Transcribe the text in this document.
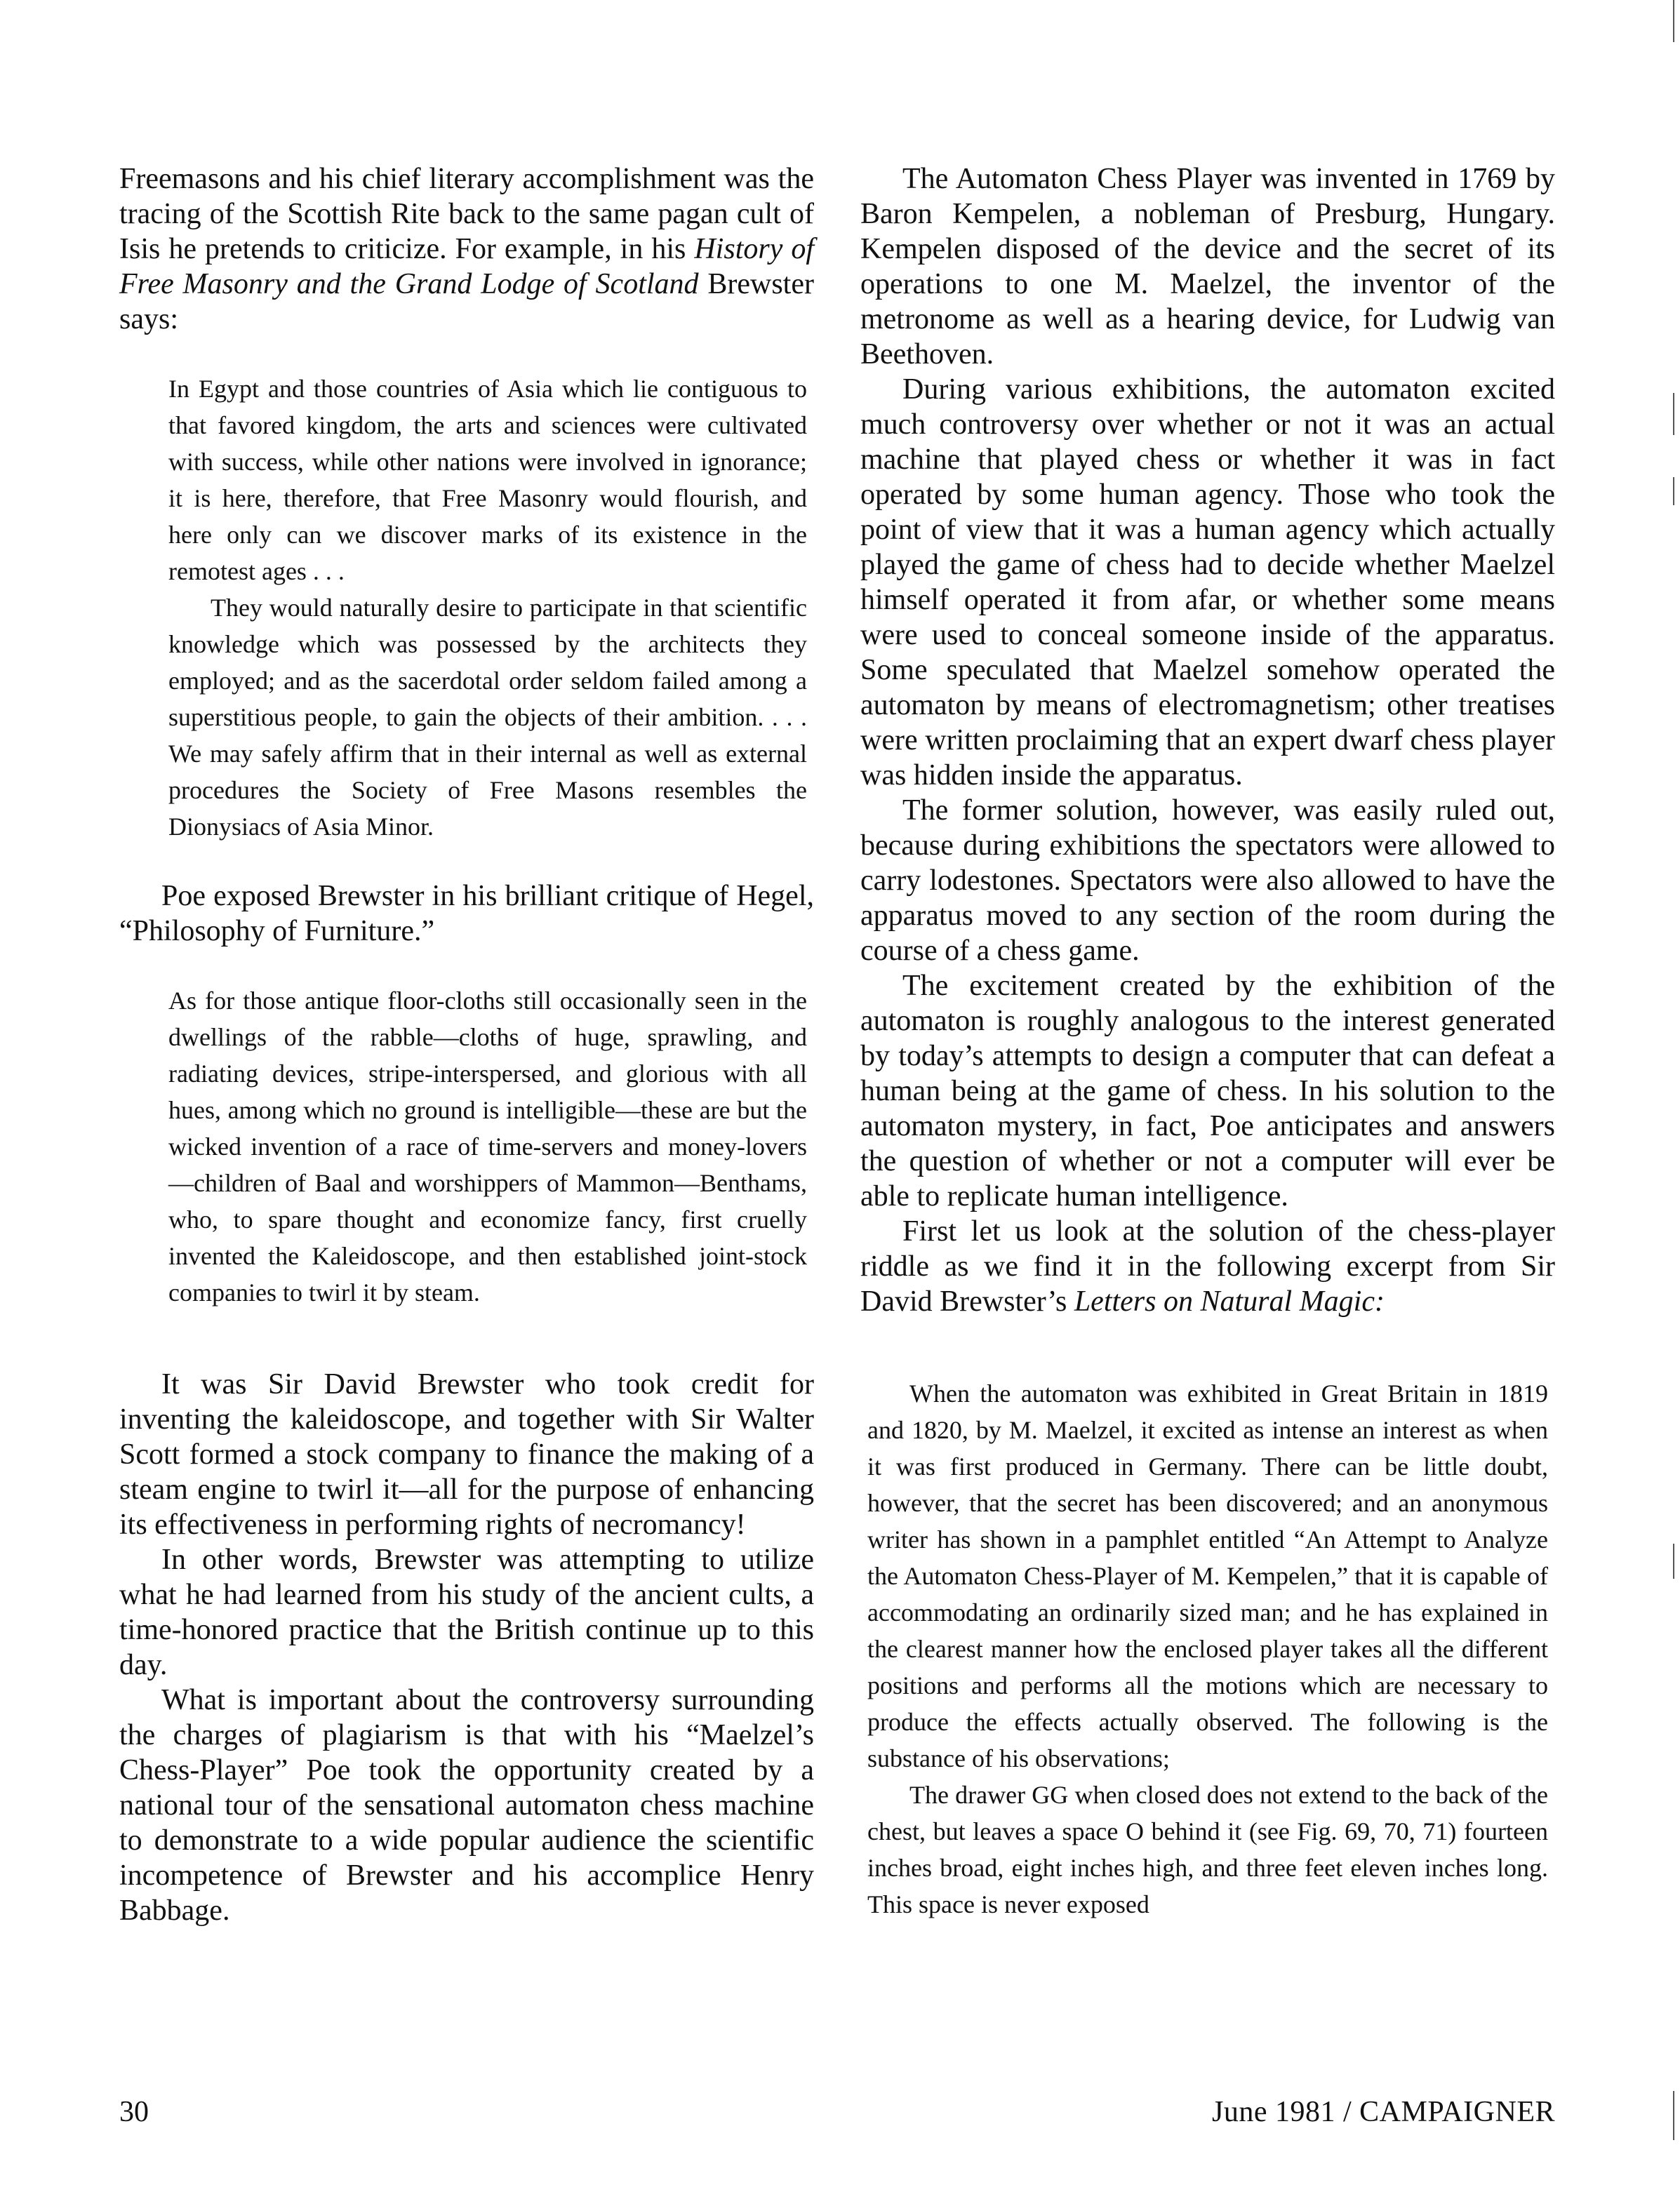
Freemasons and his chief literary accomplishment was the tracing of the Scottish Rite back to the same pagan cult of Isis he pretends to criticize. For example, in his History of Free Masonry and the Grand Lodge of Scotland Brewster says:

In Egypt and those countries of Asia which lie contiguous to that favored kingdom, the arts and sciences were cultivated with success, while other nations were involved in ignorance; it is here, therefore, that Free Masonry would flourish, and here only can we discover marks of its existence in the remotest ages . . .

They would naturally desire to participate in that scientific knowledge which was possessed by the architects they employed; and as the sacerdotal order seldom failed among a superstitious people, to gain the objects of their ambition. . . . We may safely affirm that in their internal as well as external procedures the Society of Free Masons resembles the Dionysiacs of Asia Minor.

Poe exposed Brewster in his brilliant critique of Hegel, “Philosophy of Furniture.”

As for those antique floor-cloths still occasionally seen in the dwellings of the rabble—cloths of huge, sprawling, and radiating devices, stripe-interspersed, and glorious with all hues, among which no ground is intelligible—these are but the wicked invention of a race of time-servers and money-lovers—children of Baal and worshippers of Mammon—Benthams, who, to spare thought and economize fancy, first cruelly invented the Kaleidoscope, and then established joint-stock companies to twirl it by steam.

It was Sir David Brewster who took credit for inventing the kaleidoscope, and together with Sir Walter Scott formed a stock company to finance the making of a steam engine to twirl it—all for the purpose of enhancing its effectiveness in performing rights of necromancy!

In other words, Brewster was attempting to utilize what he had learned from his study of the ancient cults, a time-honored practice that the British continue up to this day.

What is important about the controversy surrounding the charges of plagiarism is that with his “Maelzel’s Chess-Player” Poe took the opportunity created by a national tour of the sensational automaton chess machine to demonstrate to a wide popular audience the scientific incompetence of Brewster and his accomplice Henry Babbage.

The Automaton Chess Player was invented in 1769 by Baron Kempelen, a nobleman of Presburg, Hungary. Kempelen disposed of the device and the secret of its operations to one M. Maelzel, the inventor of the metronome as well as a hearing device, for Ludwig van Beethoven.

During various exhibitions, the automaton excited much controversy over whether or not it was an actual machine that played chess or whether it was in fact operated by some human agency. Those who took the point of view that it was a human agency which actually played the game of chess had to decide whether Maelzel himself operated it from afar, or whether some means were used to conceal someone inside of the apparatus. Some speculated that Maelzel somehow operated the automaton by means of electromagnetism; other treatises were written proclaiming that an expert dwarf chess player was hidden inside the apparatus.

The former solution, however, was easily ruled out, because during exhibitions the spectators were allowed to carry lodestones. Spectators were also allowed to have the apparatus moved to any section of the room during the course of a chess game.

The excitement created by the exhibition of the automaton is roughly analogous to the interest generated by today’s attempts to design a computer that can defeat a human being at the game of chess. In his solution to the automaton mystery, in fact, Poe anticipates and answers the question of whether or not a computer will ever be able to replicate human intelligence.

First let us look at the solution of the chess-player riddle as we find it in the following excerpt from Sir David Brewster’s Letters on Natural Magic:

When the automaton was exhibited in Great Britain in 1819 and 1820, by M. Maelzel, it excited as intense an interest as when it was first produced in Germany. There can be little doubt, however, that the secret has been discovered; and an anonymous writer has shown in a pamphlet entitled “An Attempt to Analyze the Automaton Chess-Player of M. Kempelen,” that it is capable of accommodating an ordinarily sized man; and he has explained in the clearest manner how the enclosed player takes all the different positions and performs all the motions which are necessary to produce the effects actually observed. The following is the substance of his observations;

The drawer GG when closed does not extend to the back of the chest, but leaves a space O behind it (see Fig. 69, 70, 71) fourteen inches broad, eight inches high, and three feet eleven inches long. This space is never exposed

30	June 1981 / CAMPAIGNER
